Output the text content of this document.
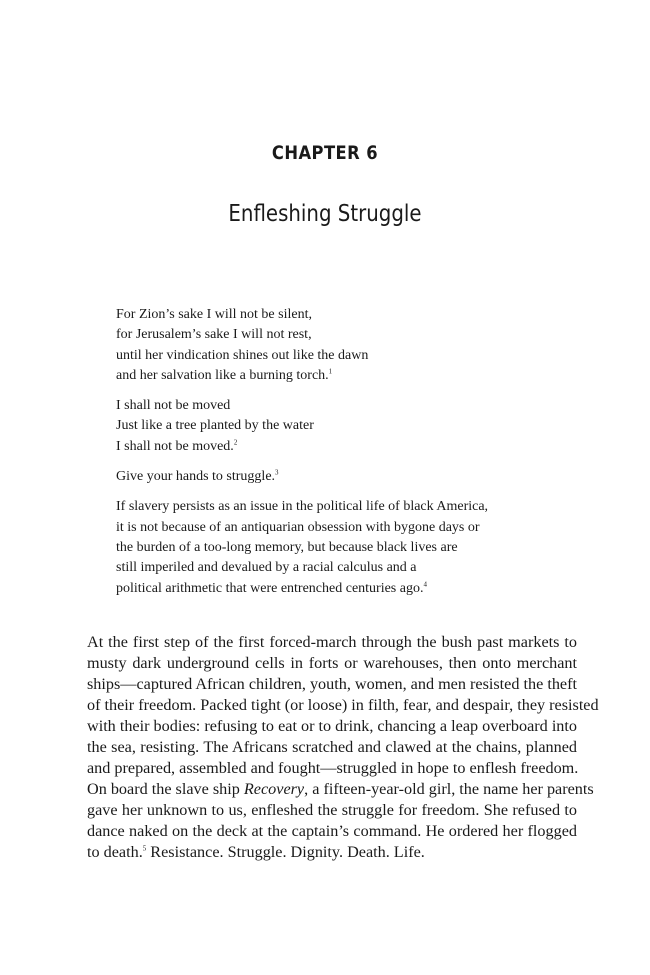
CHAPTER 6
Enfleshing Struggle
For Zion’s sake I will not be silent,
for Jerusalem’s sake I will not rest,
until her vindication shines out like the dawn
and her salvation like a burning torch.$^1$
I shall not be moved
Just like a tree planted by the water
I shall not be moved.$^2$
Give your hands to struggle.$^3$
If slavery persists as an issue in the political life of black America,
it is not because of an antiquarian obsession with bygone days or
the burden of a too-long memory, but because black lives are
still imperiled and devalued by a racial calculus and a
political arithmetic that were entrenched centuries ago.$^4$
At the first step of the first forced-march through the bush past markets to
musty dark underground cells in forts or warehouses, then onto merchant
ships—captured African children, youth, women, and men resisted the theft
of their freedom. Packed tight (or loose) in filth, fear, and despair, they resisted
with their bodies: refusing to eat or to drink, chancing a leap overboard into
the sea, resisting. The Africans scratched and clawed at the chains, planned
and prepared, assembled and fought—struggled in hope to enflesh freedom.
On board the slave ship Recovery, a fifteen-year-old girl, the name her parents
gave her unknown to us, enfleshed the struggle for freedom. She refused to
dance naked on the deck at the captain’s command. He ordered her flogged
to death.$^5$ Resistance. Struggle. Dignity. Death. Life.
